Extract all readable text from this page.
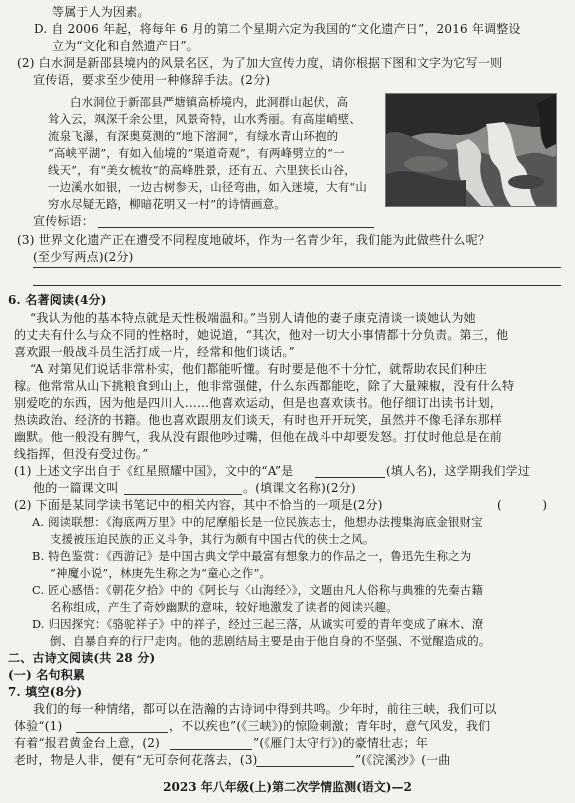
等属于人为因素。
D. 自 2006 年起，将每年 6 月的第二个星期六定为我国的“文化遗产日”，2016 年调整设
立为“文化和自然遗产日”。
(2) 白水洞是新邵县境内的风景名区，为了加大宣传力度，请你根据下图和文字为它写一则
宣传语，要求至少使用一种修辞手法。(2分)
白水洞位于新邵县严塘镇高桥境内，此洞群山起伏，高
耸入云，飒深千余公里，风景奇特，山水秀丽。有高崖峭壁、
流泉飞瀑，有深奥莫测的“地下溶洞”，有绿水青山环抱的
“高峡平湖”，有如入仙境的“渠道奇观”，有两峰劈立的“一
线天”，有“美女梳妆”的高峰胜景，还有五、六里狭长山谷，
一边溪水如银，一边古树参天，山径弯曲，如入迷境，大有“山
穷水尽疑无路，柳暗花明又一村”的诗情画意。
宣传标语：
(3) 世界文化遗产正在遭受不同程度地破坏，作为一名青少年，我们能为此做些什么呢？
(至少写两点)(2分)
6. 名著阅读(4分)
“我认为他的基本特点就是天性极端温和。”当别人请他的妻子康克清谈一谈她认为她
的丈夫有什么与众不同的性格时，她说道，“其次，他对一切大小事情都十分负责。第三，他
喜欢跟一般战斗员生活打成一片，经常和他们谈话。”
“A 对第见们说话非常朴实，他们都能听懂。有时要是他不十分忙，就帮助农民们种庄
稼。他常常从山下挑粮食到山上，他非常强健，什么东西都能吃，除了大量辣椒，没有什么特
别爱吃的东西，因为他是四川人……他喜欢运动，但是也喜欢读书。他仔细订出读书计划，
热读政治、经济的书籍。他也喜欢跟朋友们谈天，有时也开开玩笑，虽然并不像毛泽东那样
幽默。他一般没有脾气，我从没有跟他吵过嘴，但他在战斗中却要发怒。打仗时他总是在前
线指挥，但没有受过伤。”
(1) 上述文字出自于《红星照耀中国》，文中的“A”是	(填人名)，这学期我们学过
他的一篇课文叫	。(填课文名称)(2分)
(2) 下面是某同学读书笔记中的相关内容，其中不恰当的一项是(2分)
( )
A. 阅读联想：《海底两万里》中的尼摩船长是一位民族志士，他想办法搜集海底金银财宝
支援被压迫民族的正义斗争，其行为颇有中国古代的侠士之风。
B. 特色鉴赏：《西游记》是中国古典文学中最富有想象力的作品之一，鲁迅先生称之为
“神魔小说”，林庚先生称之为“童心之作”。
C. 匠心感悟：《朝花夕拾》中的《阿长与〈山海经〉》，文题由凡人俗称与典雅的先秦古籍
名称组成，产生了奇妙幽默的意味，较好地激发了读者的阅读兴趣。
D. 归因探究：《骆驼祥子》中的祥子，经过三起三落，从诚实可爱的青年变成了麻木、潦
倒、自暴自弃的行尸走肉。他的悲剧结局主要是由于他自身的不坚强、不觉醒造成的。
二、古诗文阅读(共 28 分)
(一) 名句积累
7. 填空(8分)
我们的每一种情绪，都可以在浩瀚的古诗词中得到共鸣。少年时，前往三峡，我们可以
体验“(1)	，不以疾也”(《三峡》)的惊险刺激；青年时，意气风发，我们
有着“报君黄金台上意，(2)	”(《雁门太守行》)的豪情壮志；年
老时，物是人非，便有“无可奈何花落去，(3)	”(《浣溪沙》(一曲
2023 年八年级(上)第二次学情监测(语文)—2
